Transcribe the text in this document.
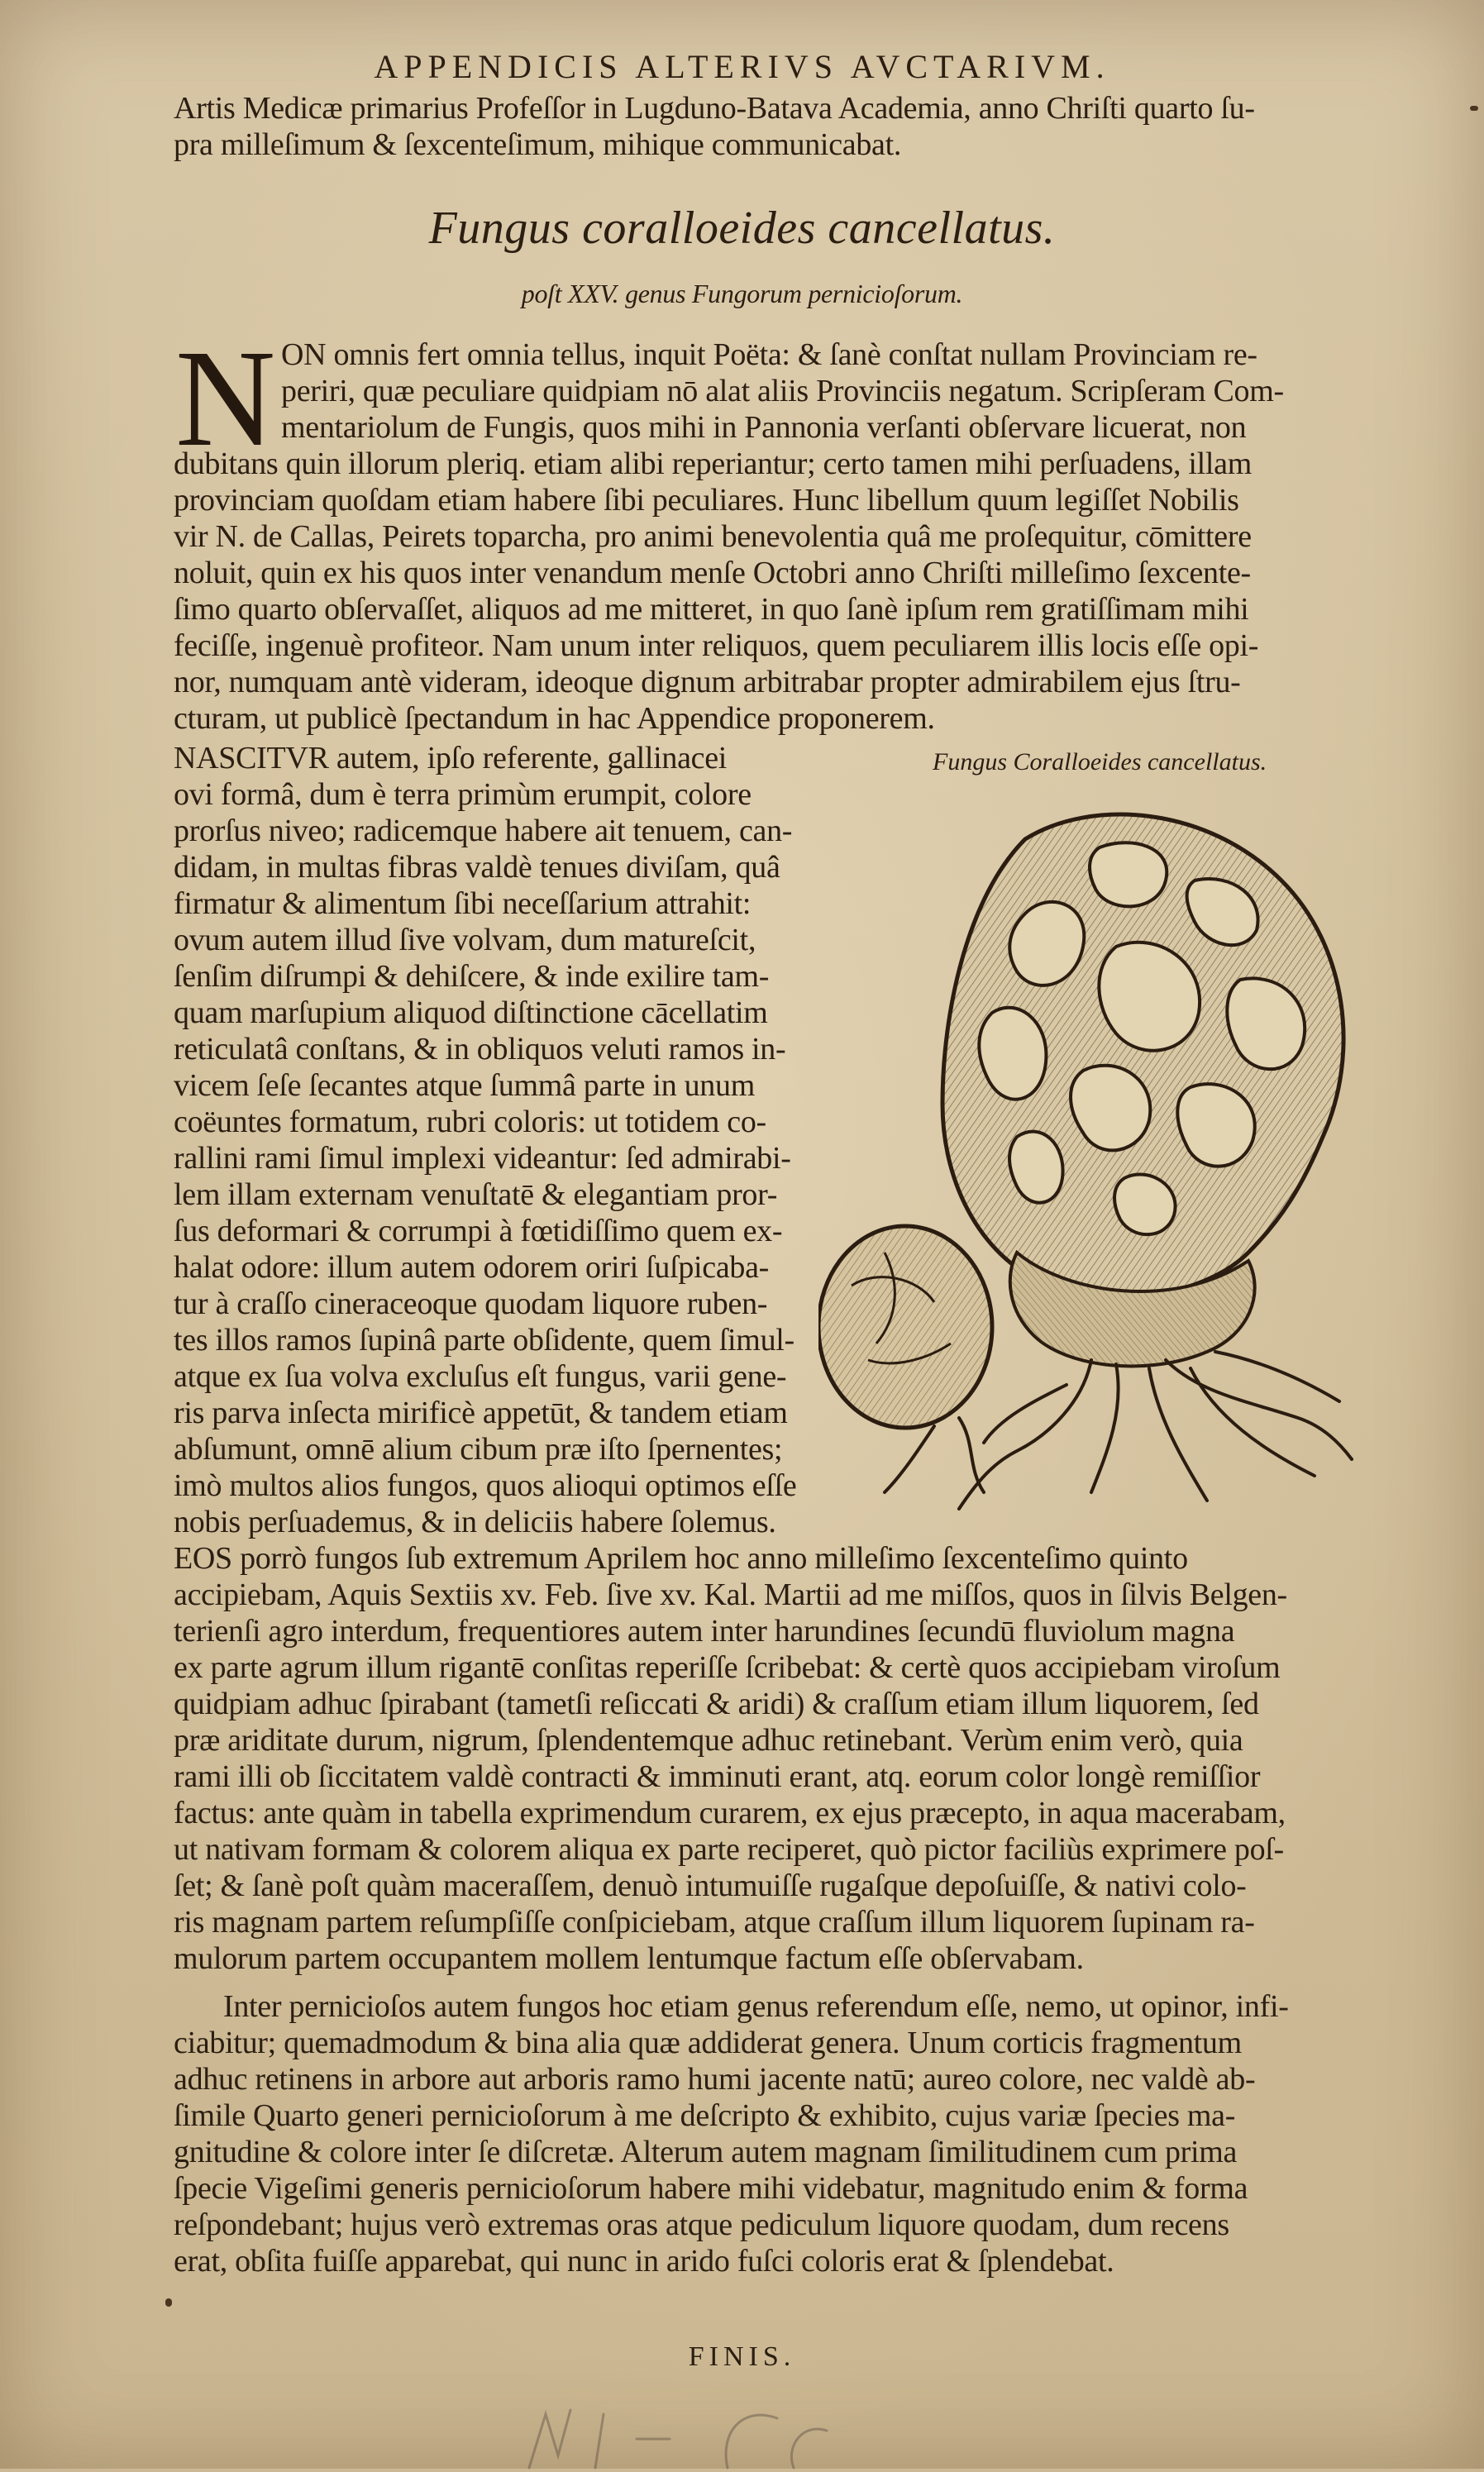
APPENDICIS ALTERIVS AVCTARIVM.
Artis Medicæ primarius Profeſſor in Lugduno-Batava Academia, anno Chriſti quarto ſu-
pra milleſimum & ſexcenteſimum, mihique communicabat.
Fungus coralloeides cancellatus.
poſt XXV. genus Fungorum pernicioſorum.
N ON omnis fert omnia tellus, inquit Poëta: & ſanè conſtat nullam Provinciam re-
periri, quæ peculiare quidpiam nō alat aliis Provinciis negatum. Scripſeram Com-
mentariolum de Fungis, quos mihi in Pannonia verſanti obſervare licuerat, non
dubitans quin illorum pleriq. etiam alibi reperiantur; certo tamen mihi perſuadens, illam
provinciam quoſdam etiam habere ſibi peculiares. Hunc libellum quum legiſſet Nobilis
vir N. de Callas, Peirets toparcha, pro animi benevolentia quâ me proſequitur, cōmittere
noluit, quin ex his quos inter venandum menſe Octobri anno Chriſti milleſimo ſexcente-
ſimo quarto obſervaſſet, aliquos ad me mitteret, in quo ſanè ipſum rem gratiſſimam mihi
feciſſe, ingenuè profiteor. Nam unum inter reliquos, quem peculiarem illis locis eſſe opi-
nor, numquam antè videram, ideoque dignum arbitrabar propter admirabilem ejus ſtru-
cturam, ut publicè ſpectandum in hac Appendice proponerem.
NASCITVR autem, ipſo referente, gallinacei
ovi formâ, dum è terra primùm erumpit, colore
prorſus niveo; radicemque habere ait tenuem, can-
didam, in multas fibras valdè tenues diviſam, quâ
firmatur & alimentum ſibi neceſſarium attrahit:
ovum autem illud ſive volvam, dum matureſcit,
ſenſim diſrumpi & dehiſcere, & inde exilire tam-
quam marſupium aliquod diſtinctione cācellatim
reticulatâ conſtans, & in obliquos veluti ramos in-
vicem ſeſe ſecantes atque ſummâ parte in unum
coëuntes formatum, rubri coloris: ut totidem co-
rallini rami ſimul implexi videantur: ſed admirabi-
lem illam externam venuſtatē & elegantiam pror-
ſus deformari & corrumpi à fœtidiſſimo quem ex-
halat odore: illum autem odorem oriri ſuſpicaba-
tur à craſſo cineraceoque quodam liquore ruben-
tes illos ramos ſupinâ parte obſidente, quem ſimul-
atque ex ſua volva excluſus eſt fungus, varii gene-
ris parva inſecta mirificè appetūt, & tandem etiam
abſumunt, omnē alium cibum præ iſto ſpernentes;
imò multos alios fungos, quos alioqui optimos eſſe
nobis perſuademus, & in deliciis habere ſolemus.
Fungus Coralloeides cancellatus.
EOS porrò fungos ſub extremum Aprilem hoc anno milleſimo ſexcenteſimo quinto
accipiebam, Aquis Sextiis xv. Feb. ſive xv. Kal. Martii ad me miſſos, quos in ſilvis Belgen-
terienſi agro interdum, frequentiores autem inter harundines ſecundū fluviolum magna
ex parte agrum illum rigantē conſitas reperiſſe ſcribebat: & certè quos accipiebam viroſum
quidpiam adhuc ſpirabant (tametſi reſiccati & aridi) & craſſum etiam illum liquorem, ſed
præ ariditate durum, nigrum, ſplendentemque adhuc retinebant. Verùm enim verò, quia
rami illi ob ſiccitatem valdè contracti & imminuti erant, atq. eorum color longè remiſſior
factus: ante quàm in tabella exprimendum curarem, ex ejus præcepto, in aqua macerabam,
ut nativam formam & colorem aliqua ex parte reciperet, quò pictor faciliùs exprimere poſ-
ſet; & ſanè poſt quàm maceraſſem, denuò intumuiſſe rugaſque depoſuiſſe, & nativi colo-
ris magnam partem reſumpſiſſe conſpiciebam, atque craſſum illum liquorem ſupinam ra-
mulorum partem occupantem mollem lentumque factum eſſe obſervabam.
Inter pernicioſos autem fungos hoc etiam genus referendum eſſe, nemo, ut opinor, infi-
ciabitur; quemadmodum & bina alia quæ addiderat genera. Unum corticis fragmentum
adhuc retinens in arbore aut arboris ramo humi jacente natū; aureo colore, nec valdè ab-
ſimile Quarto generi pernicioſorum à me deſcripto & exhibito, cujus variæ ſpecies ma-
gnitudine & colore inter ſe diſcretæ. Alterum autem magnam ſimilitudinem cum prima
ſpecie Vigeſimi generis pernicioſorum habere mihi videbatur, magnitudo enim & forma
reſpondebant; hujus verò extremas oras atque pediculum liquore quodam, dum recens
erat, obſita fuiſſe apparebat, qui nunc in arido fuſci coloris erat & ſplendebat.
FINIS.
